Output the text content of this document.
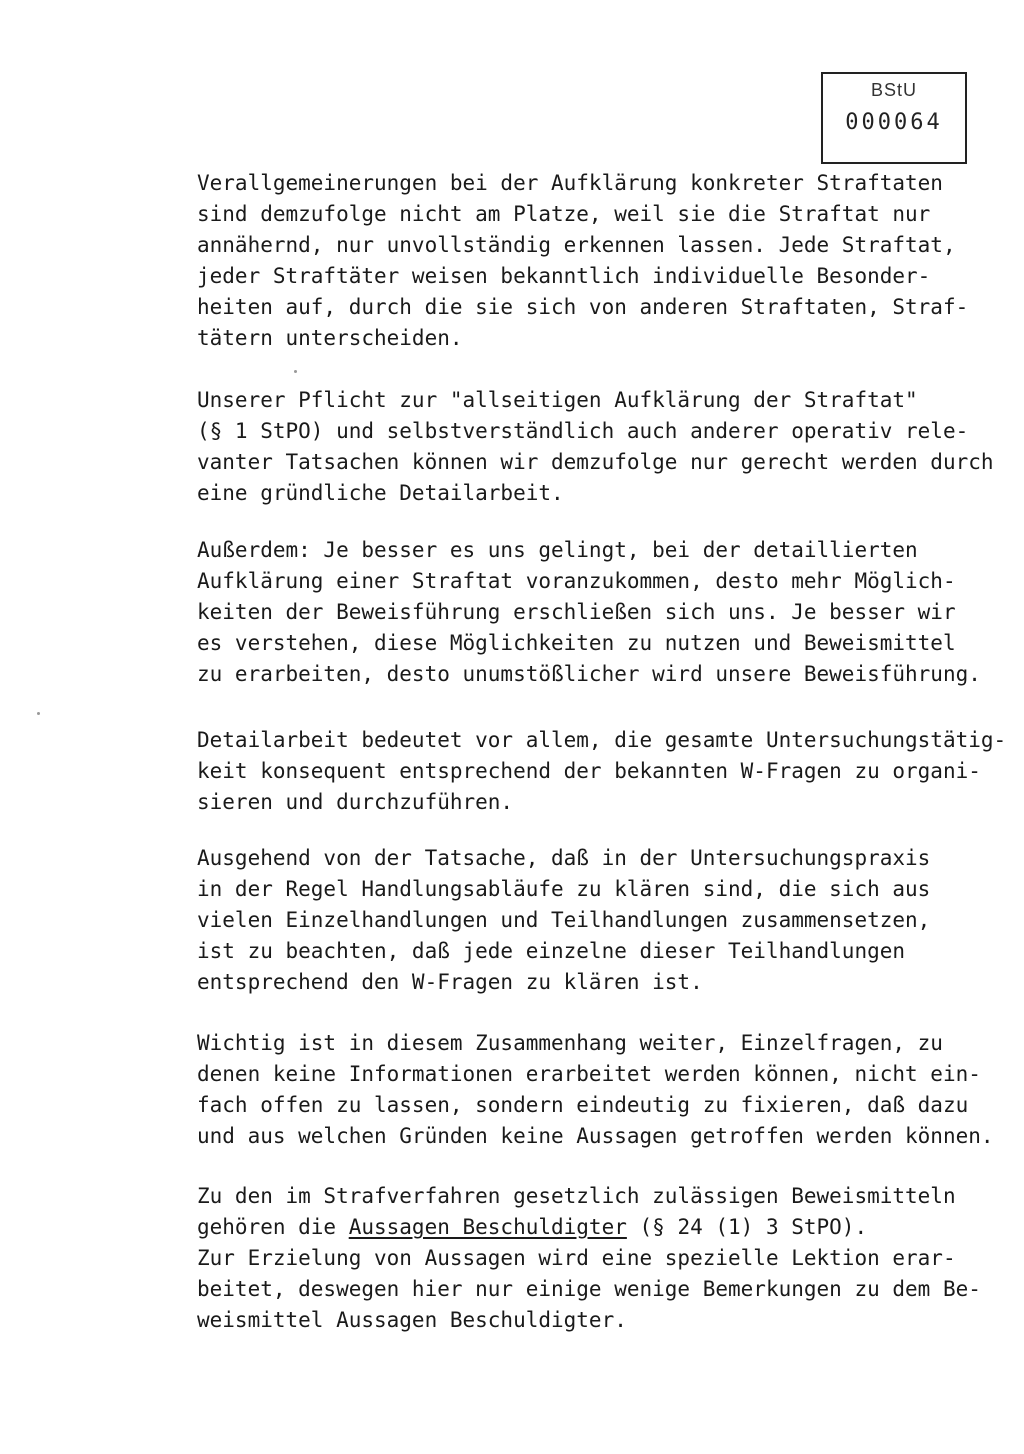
BStU
000064
Verallgemeinerungen bei der Aufklärung konkreter Straftaten
sind demzufolge nicht am Platze, weil sie die Straftat nur
annähernd, nur unvollständig erkennen lassen. Jede Straftat,
jeder Straftäter weisen bekanntlich individuelle Besonder-
heiten auf, durch die sie sich von anderen Straftaten, Straf-
tätern unterscheiden.
Unserer Pflicht zur "allseitigen Aufklärung der Straftat"
(§ 1 StPO) und selbstverständlich auch anderer operativ rele-
vanter Tatsachen können wir demzufolge nur gerecht werden durch
eine gründliche Detailarbeit.
Außerdem: Je besser es uns gelingt, bei der detaillierten
Aufklärung einer Straftat voranzukommen, desto mehr Möglich-
keiten der Beweisführung erschließen sich uns. Je besser wir
es verstehen, diese Möglichkeiten zu nutzen und Beweismittel
zu erarbeiten, desto unumstößlicher wird unsere Beweisführung.
Detailarbeit bedeutet vor allem, die gesamte Untersuchungstätig-
keit konsequent entsprechend der bekannten W-Fragen zu organi-
sieren und durchzuführen.
Ausgehend von der Tatsache, daß in der Untersuchungspraxis
in der Regel Handlungsabläufe zu klären sind, die sich aus
vielen Einzelhandlungen und Teilhandlungen zusammensetzen,
ist zu beachten, daß jede einzelne dieser Teilhandlungen
entsprechend den W-Fragen zu klären ist.
Wichtig ist in diesem Zusammenhang weiter, Einzelfragen, zu
denen keine Informationen erarbeitet werden können, nicht ein-
fach offen zu lassen, sondern eindeutig zu fixieren, daß dazu
und aus welchen Gründen keine Aussagen getroffen werden können.
Zu den im Strafverfahren gesetzlich zulässigen Beweismitteln
gehören die Aussagen Beschuldigter (§ 24 (1) 3 StPO).
Zur Erzielung von Aussagen wird eine spezielle Lektion erar-
beitet, deswegen hier nur einige wenige Bemerkungen zu dem Be-
weismittel Aussagen Beschuldigter.
